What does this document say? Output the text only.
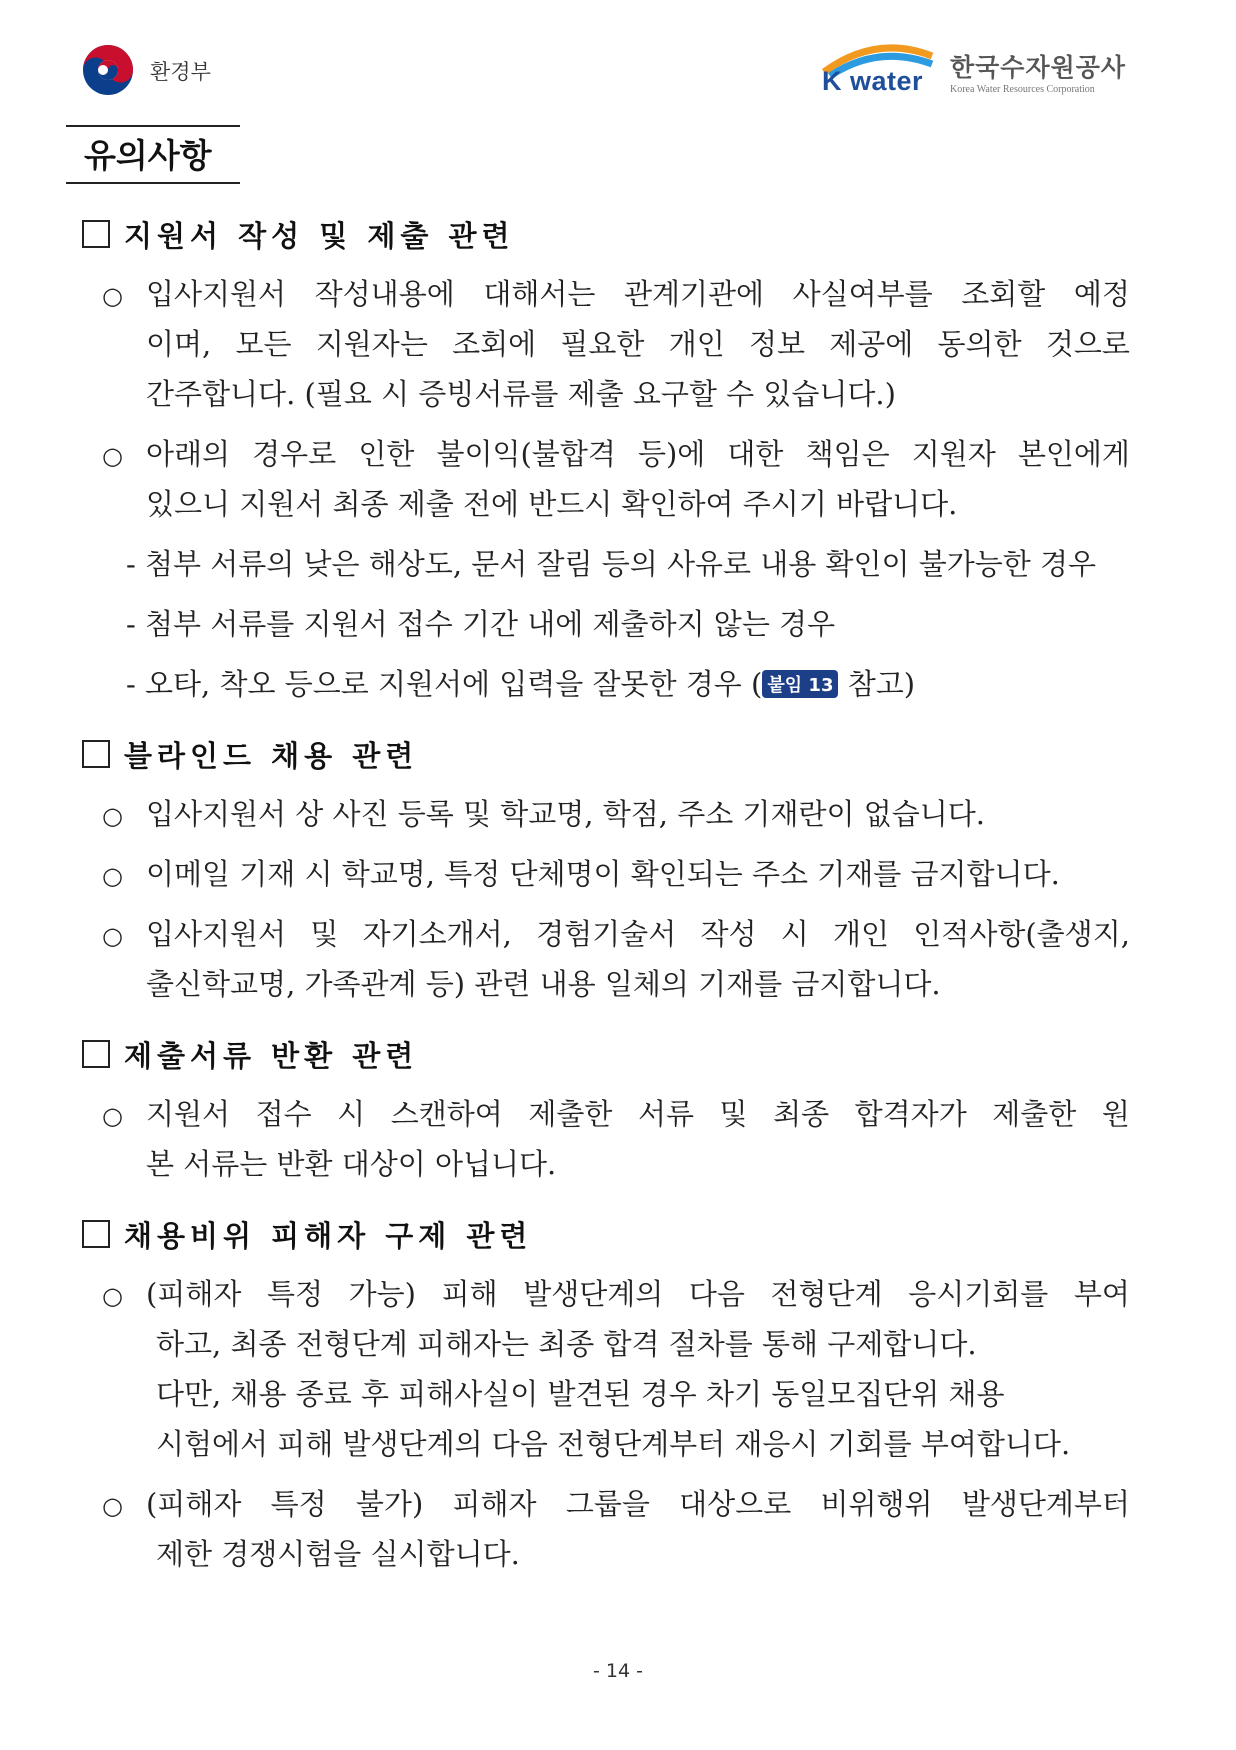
환경부	K water 한국수자원공사
Korea Water Resources Corporation
유의사항
지원서 작성 및 제출 관련
○ 입사지원서 작성내용에 대해서는 관계기관에 사실여부를 조회할 예정
이며, 모든 지원자는 조회에 필요한 개인 정보 제공에 동의한 것으로
간주합니다. (필요 시 증빙서류를 제출 요구할 수 있습니다.)
○ 아래의 경우로 인한 불이익(불합격 등)에 대한 책임은 지원자 본인에게
있으니 지원서 최종 제출 전에 반드시 확인하여 주시기 바랍니다.
- 첨부 서류의 낮은 해상도, 문서 잘림 등의 사유로 내용 확인이 불가능한 경우
- 첨부 서류를 지원서 접수 기간 내에 제출하지 않는 경우
- 오타, 착오 등으로 지원서에 입력을 잘못한 경우 ( 붙임 13 참고)
블라인드 채용 관련
○ 입사지원서 상 사진 등록 및 학교명, 학점, 주소 기재란이 없습니다.
○ 이메일 기재 시 학교명, 특정 단체명이 확인되는 주소 기재를 금지합니다.
○ 입사지원서 및 자기소개서, 경험기술서 작성 시 개인 인적사항(출생지,
출신학교명, 가족관계 등) 관련 내용 일체의 기재를 금지합니다.
제출서류 반환 관련
○ 지원서 접수 시 스캔하여 제출한 서류 및 최종 합격자가 제출한 원
본 서류는 반환 대상이 아닙니다.
채용비위 피해자 구제 관련
○ (피해자 특정 가능) 피해 발생단계의 다음 전형단계 응시기회를 부여
하고, 최종 전형단계 피해자는 최종 합격 절차를 통해 구제합니다.
다만, 채용 종료 후 피해사실이 발견된 경우 차기 동일모집단위 채용
시험에서 피해 발생단계의 다음 전형단계부터 재응시 기회를 부여합니다.
○ (피해자 특정 불가) 피해자 그룹을 대상으로 비위행위 발생단계부터
제한 경쟁시험을 실시합니다.
- 14 -
